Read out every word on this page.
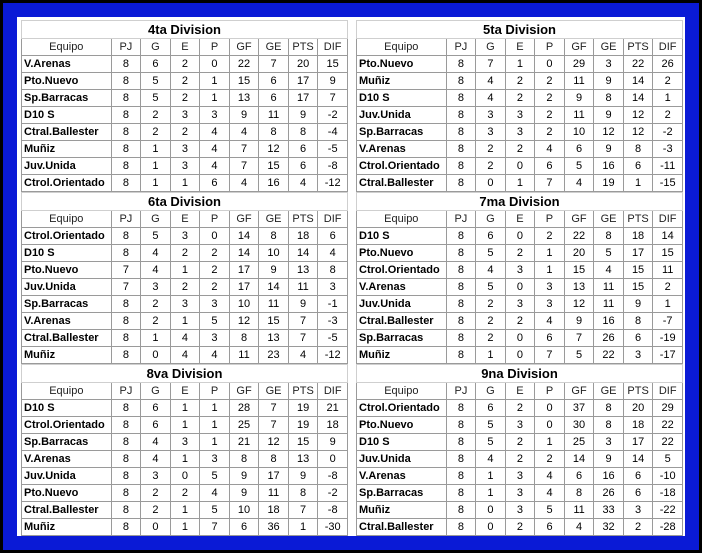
4ta Division								
Equipo	PJ	G	E	P	GF	GE	PTS	DIF
V.Arenas	8	6	2	0	22	7	20	15
Pto.Nuevo	8	5	2	1	15	6	17	9
Sp.Barracas	8	5	2	1	13	6	17	7
D10 S	8	2	3	3	9	11	9	-2
Ctral.Ballester	8	2	2	4	4	8	8	-4
Muñiz	8	1	3	4	7	12	6	-5
Juv.Unida	8	1	3	4	7	15	6	-8
Ctrol.Orientado	8	1	1	6	4	16	4	-12
5ta Division								
Equipo	PJ	G	E	P	GF	GE	PTS	DIF
Pto.Nuevo	8	7	1	0	29	3	22	26
Muñiz	8	4	2	2	11	9	14	2
D10 S	8	4	2	2	9	8	14	1
Juv.Unida	8	3	3	2	11	9	12	2
Sp.Barracas	8	3	3	2	10	12	12	-2
V.Arenas	8	2	2	4	6	9	8	-3
Ctrol.Orientado	8	2	0	6	5	16	6	-11
Ctral.Ballester	8	0	1	7	4	19	1	-15
6ta Division								
Equipo	PJ	G	E	P	GF	GE	PTS	DIF
Ctrol.Orientado	8	5	3	0	14	8	18	6
D10 S	8	4	2	2	14	10	14	4
Pto.Nuevo	7	4	1	2	17	9	13	8
Juv.Unida	7	3	2	2	17	14	11	3
Sp.Barracas	8	2	3	3	10	11	9	-1
V.Arenas	8	2	1	5	12	15	7	-3
Ctral.Ballester	8	1	4	3	8	13	7	-5
Muñiz	8	0	4	4	11	23	4	-12
7ma Division								
Equipo	PJ	G	E	P	GF	GE	PTS	DIF
D10 S	8	6	0	2	22	8	18	14
Pto.Nuevo	8	5	2	1	20	5	17	15
Ctrol.Orientado	8	4	3	1	15	4	15	11
V.Arenas	8	5	0	3	13	11	15	2
Juv.Unida	8	2	3	3	12	11	9	1
Ctral.Ballester	8	2	2	4	9	16	8	-7
Sp.Barracas	8	2	0	6	7	26	6	-19
Muñiz	8	1	0	7	5	22	3	-17
8va Division								
Equipo	PJ	G	E	P	GF	GE	PTS	DIF
D10 S	8	6	1	1	28	7	19	21
Ctrol.Orientado	8	6	1	1	25	7	19	18
Sp.Barracas	8	4	3	1	21	12	15	9
V.Arenas	8	4	1	3	8	8	13	0
Juv.Unida	8	3	0	5	9	17	9	-8
Pto.Nuevo	8	2	2	4	9	11	8	-2
Ctral.Ballester	8	2	1	5	10	18	7	-8
Muñiz	8	0	1	7	6	36	1	-30
9na Division								
Equipo	PJ	G	E	P	GF	GE	PTS	DIF
Ctrol.Orientado	8	6	2	0	37	8	20	29
Pto.Nuevo	8	5	3	0	30	8	18	22
D10 S	8	5	2	1	25	3	17	22
Juv.Unida	8	4	2	2	14	9	14	5
V.Arenas	8	1	3	4	6	16	6	-10
Sp.Barracas	8	1	3	4	8	26	6	-18
Muñiz	8	0	3	5	11	33	3	-22
Ctral.Ballester	8	0	2	6	4	32	2	-28
